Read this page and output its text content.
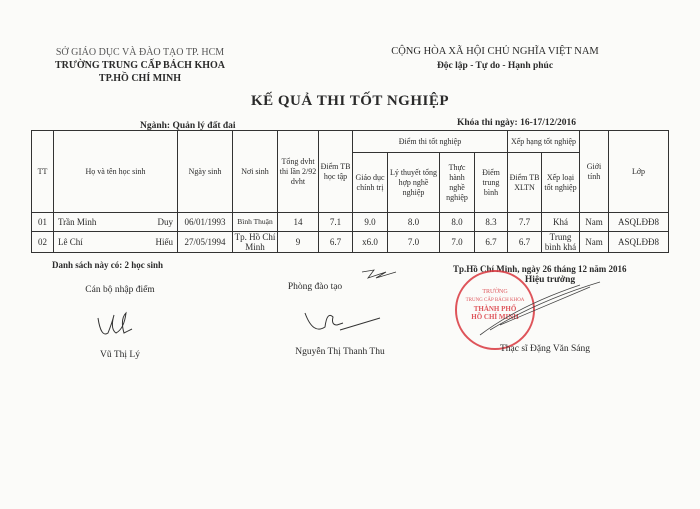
SỞ GIÁO DỤC VÀ ĐÀO TẠO TP. HCM
TRƯỜNG TRUNG CẤP BÁCH KHOA
TP.HỒ CHÍ MINH
CỘNG HÒA XÃ HỘI CHỦ NGHĨA VIỆT NAM
Độc lập - Tự do - Hạnh phúc
KẾ QUẢ THI TỐT NGHIỆP
Ngành: Quản lý đất đai	Khóa thi ngày: 16-17/12/2016
TT	Họ và tên học sinh	Ngày sinh	Nơi sinh	Tổng dvht thi lần 2/92 dvht	Điểm TB học tập	Điểm thi tốt nghiệp				Xếp hạng tốt nghiệp		Giới tính	Lớp
						Giáo dục chính trị	Lý thuyết tổng hợp nghề nghiệp	Thực hành nghề nghiệp	Điểm trung bình	Điểm TB XLTN	Xếp loại tốt nghiệp		
01	Trần Minh Duy	06/01/1993	Bình Thuận	14	7.1	9.0	8.0	8.0	8.3	7.7	Khá	Nam	ASQLĐĐ8
02	Lê Chí Hiếu	27/05/1994	Tp. Hồ Chí Minh	9	6.7	x6.0	7.0	7.0	6.7	6.7	Trung bình khá	Nam	ASQLĐĐ8
Danh sách này có: 2 học sinh	Tp.Hồ Chí Minh, ngày 26 tháng 12 năm 2016
TRƯỜNG
TRUNG CẤP BÁCH KHOA
THÀNH PHỐ
HỒ CHÍ MINH
Cán bộ nhập điểm	Phòng đào tạo
Hiệu trưởng
Vũ Thị Lý	Nguyễn Thị Thanh Thu	Thạc sĩ Đặng Văn Sáng
